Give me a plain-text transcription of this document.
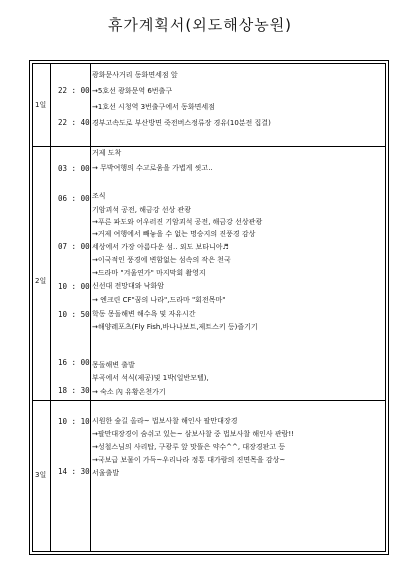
휴가계획서(외도해상농원)
1일
22 : 00
22 : 40
광화문사거리 동화면세점 앞
→5호선 광화문역 6번출구
→1호선 시청역 3번출구에서 동화면세점
경부고속도로 부산방면 죽전버스정류장 경유(10분전 집결)
2일
03 : 00
06 : 00
07 : 00
10 : 00
10 : 50
16 : 00
18 : 30
거제 도착
→ 무박여행의 수고로움을 가볍게 씻고..
조식
기암괴석 공전, 해금강 선상 관광
→푸른 파도와 어우러진 기암괴석 공전, 해금강 선상관광
→거제 여행에서 빼놓을 수 없는 명승지의 진풍경 감상
세상에서 가장 아름다운 섬.. 외도 보타니아♬
→이국적인 풍경에 변함없는 섬속의 작은 천국
→드라마 "겨울연가" 마지막회 촬영지
신선대 전망대와 낙화암
→ 엔크린 CF"꿈의 나라",드라마 "회전목마"
학동 몽돌해변 해수욕 및 자유시간
→해양레포츠(Fly Fish,바나나보트,제트스키 등)즐기기
몽돌해변 출발
부곡에서 석식(제공)및 1박(일반모텔),
→ 숙소 內 유황온천가기
3일
10 : 10
14 : 30
시원한 숲길 올라~ 법보사찰 해인사 팔만대장경
→팔만대장경이 숨쉬고 있는~ 삼보사찰 중 법보사찰 해인사 관람!!
→성철스님의 사리탑, 구광루 앞 맛뜰은 약수^^, 대장경판고 등
→국보급 보물이 가득~우리나라 정통 대가람의 진면목을 감상~
서울출발
